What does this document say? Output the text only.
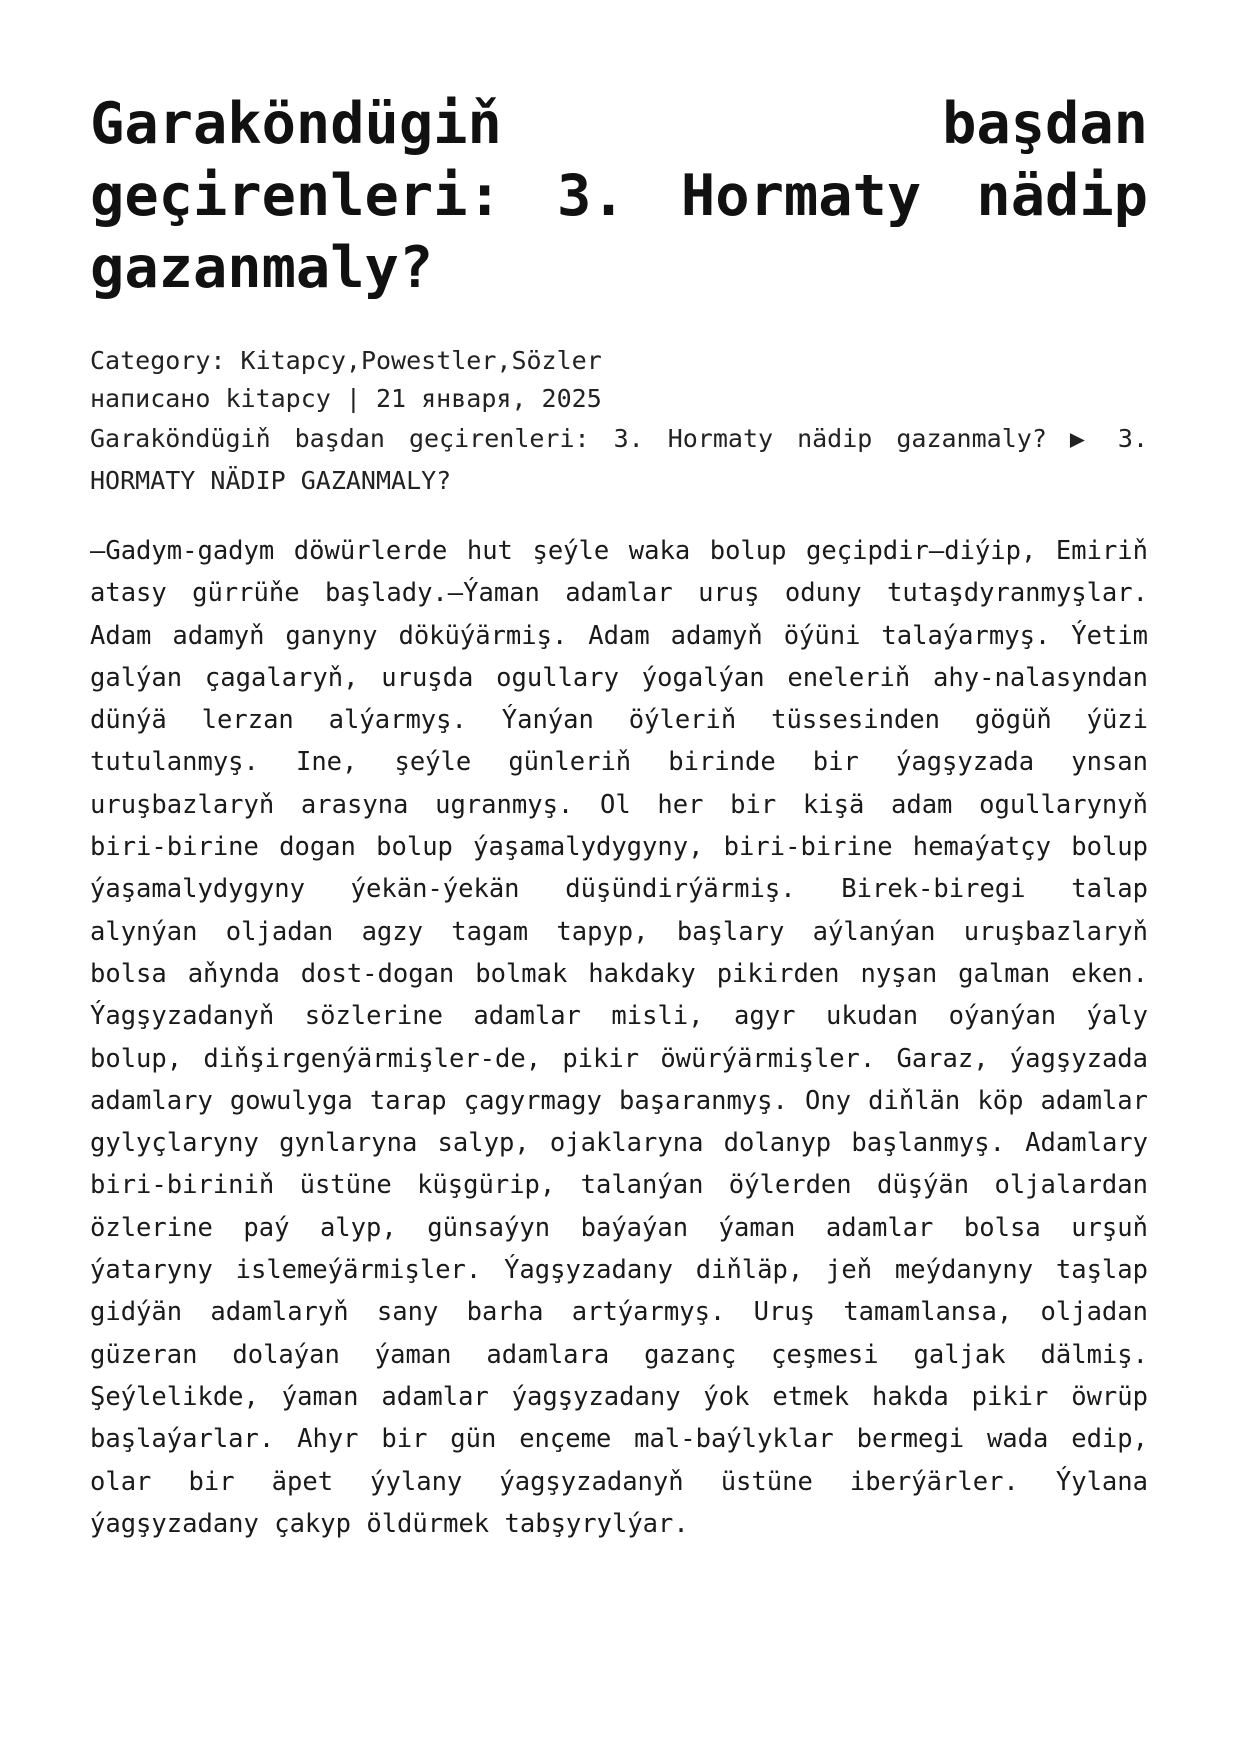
Garaköndügiň başdan geçirenleri: 3. Hormaty nädip gazanmaly?
Category: Kitapcy,Powestler,Sözler
написано kitapcy | 21 января, 2025
Garaköndügiň başdan geçirenleri: 3. Hormaty nädip gazanmaly? ▶ 3. HORMATY NÄDIP GAZANMALY?
—Gadym-gadym döwürlerde hut şeýle waka bolup geçipdir—diýip, Emiriň atasy gürrüňe başlady.—Ýaman adamlar uruş oduny tutaşdyranmyşlar. Adam adamyň ganyny döküýärmiş. Adam adamyň öýüni talaýarmyş. Ýetim galýan çagalaryň, uruşda ogullary ýogalýan eneleriň ahy-nalasyndan dünýä lerzan alýarmyş. Ýanýan öýleriň tüssesinden gögüň ýüzi tutulanmyş. Ine, şeýle günleriň birinde bir ýagşyzada ynsan uruşbazlaryň arasyna ugranmyş. Ol her bir kişä adam ogullarynyň biri-birine dogan bolup ýaşamalydygyny, biri-birine hemaýatçy bolup ýaşamalydygyny ýekän-ýekän düşündirýärmiş. Birek-biregi talap alynýan oljadan agzy tagam tapyp, başlary aýlanýan uruşbazlaryň bolsa aňynda dost-dogan bolmak hakdaky pikirden nyşan galman eken. Ýagşyzadanyň sözlerine adamlar misli, agyr ukudan oýanýan ýaly bolup, diňşirgenýärmişler-de, pikir öwürýärmişler. Garaz, ýagşyzada adamlary gowulyga tarap çagyrmagy başaranmyş. Ony diňlän köp adamlar gylyçlaryny gynlaryna salyp, ojaklaryna dolanyp başlanmyş. Adamlary biri-biriniň üstüne küşgürip, talanýan öýlerden düşýän oljalardan özlerine paý alyp, günsaýyn baýaýan ýaman adamlar bolsa urşuň ýataryny islemeýärmişler. Ýagşyzadany diňläp, jeň meýdanyny taşlap gidýän adamlaryň sany barha artýarmyş. Uruş tamamlansa, oljadan güzeran dolaýan ýaman adamlara gazanç çeşmesi galjak dälmiş. Şeýlelikde, ýaman adamlar ýagşyzadany ýok etmek hakda pikir öwrüp başlaýarlar. Ahyr bir gün ençeme mal-baýlyklar bermegi wada edip, olar bir äpet ýylany ýagşyzadanyň üstüne iberýärler. Ýylana ýagşyzadany çakyp öldürmek tabşyrylýar.
